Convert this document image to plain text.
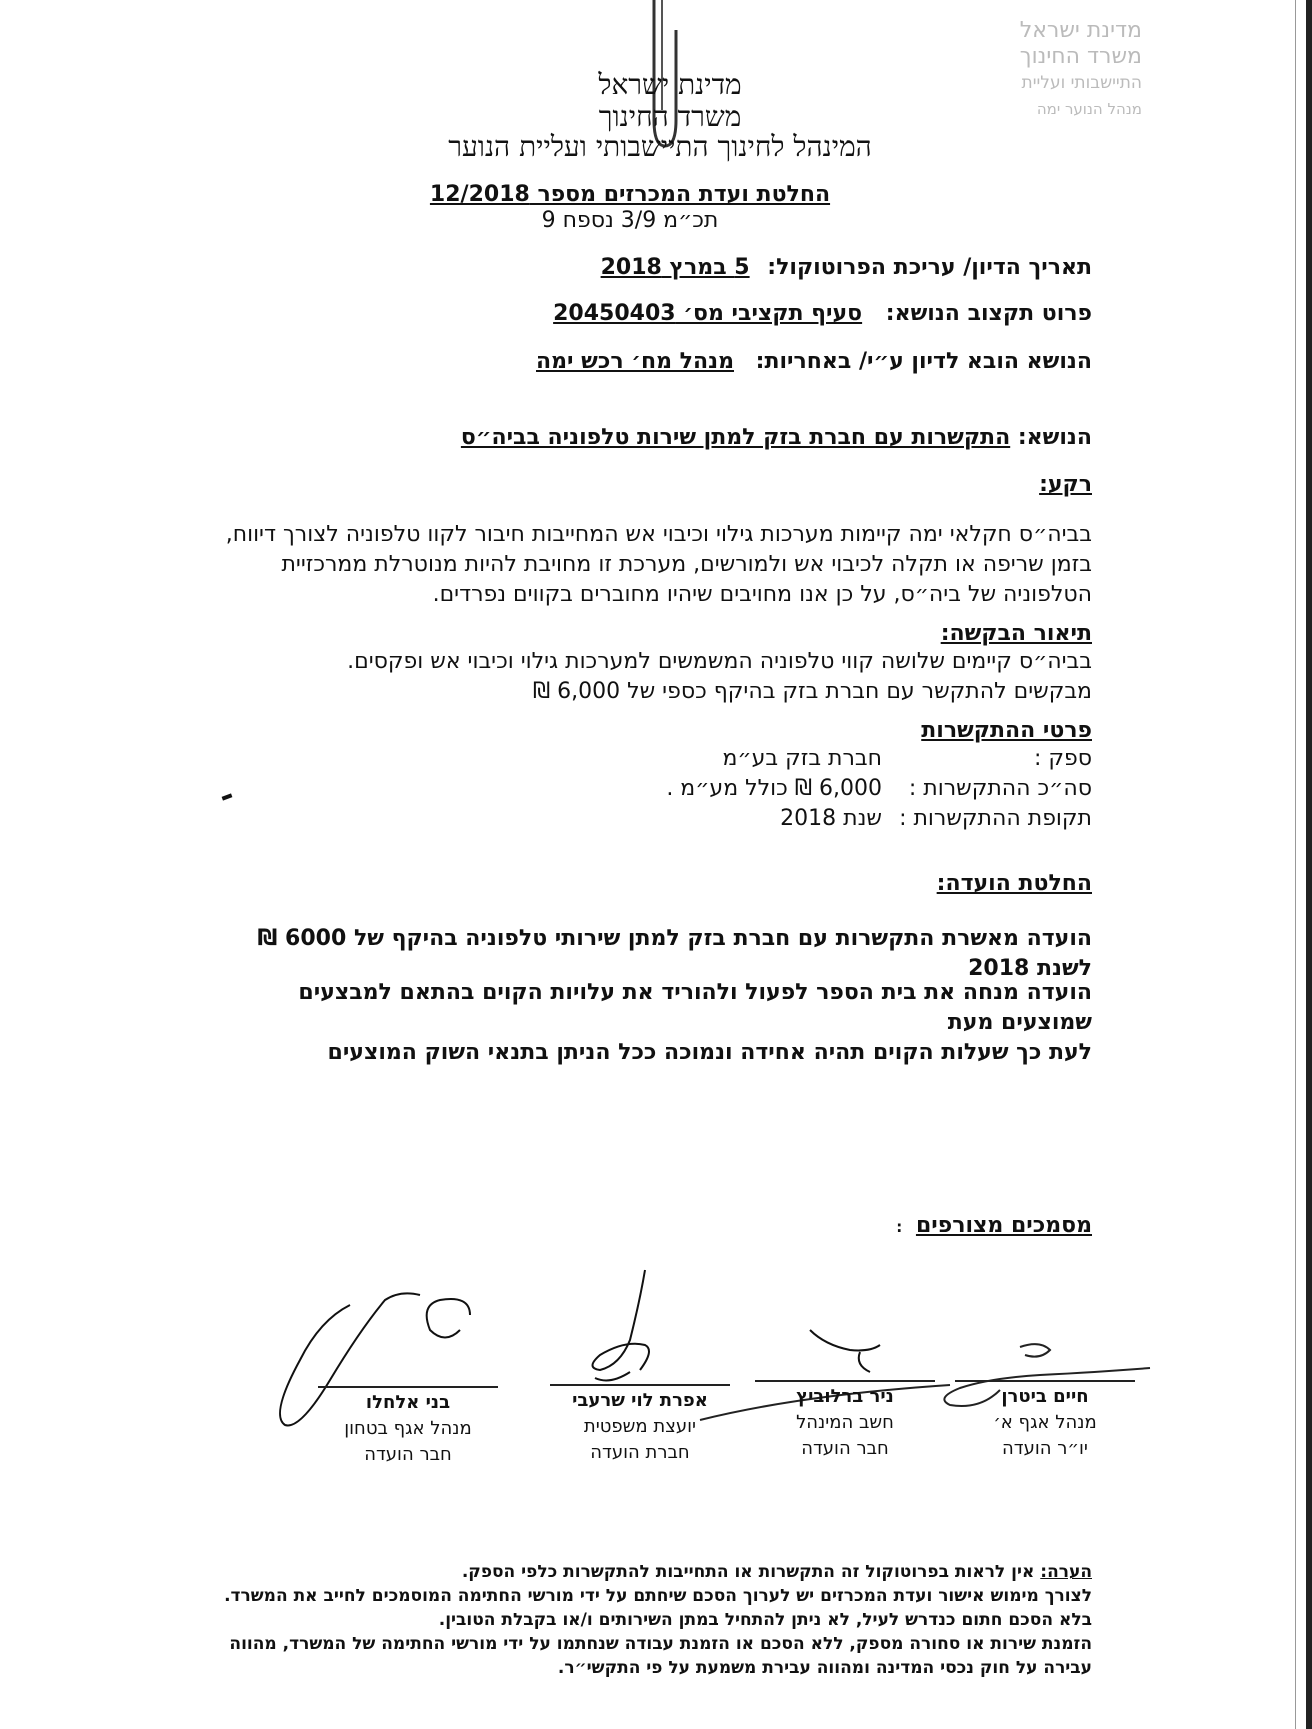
מדינת ישראל
משרד החינוך
התיישבותי ועליית
מנהל הנוער ימה
מדינת ישראל
משרד החינוך
המינהל לחינוך התיישבותי ועליית הנוער
החלטת ועדת המכרזים מספר 12/2018
תכ״מ 3/9 נספח 9
תאריך הדיון/ עריכת הפרוטוקול: 5 במרץ 2018
פרוט תקצוב הנושא: סעיף תקציבי מס׳ 20450403
הנושא הובא לדיון ע״י/ באחריות: מנהל מח׳ רכש ימה
הנושא: התקשרות עם חברת בזק למתן שירות טלפוניה בביה״ס
רקע:
בביה״ס חקלאי ימה קיימות מערכות גילוי וכיבוי אש המחייבות חיבור לקוו טלפוניה לצורך דיווח,
בזמן שריפה או תקלה לכיבוי אש ולמורשים, מערכת זו מחויבת להיות מנוטרלת ממרכזיית
הטלפוניה של ביה״ס, על כן אנו מחויבים שיהיו מחוברים בקווים נפרדים.
תיאור הבקשה:
בביה״ס קיימים שלושה קווי טלפוניה המשמשים למערכות גילוי וכיבוי אש ופקסים.
מבקשים להתקשר עם חברת בזק בהיקף כספי של 6,000 ₪
פרטי ההתקשרות
ספק :חברת בזק בע״מ
סה״כ ההתקשרות :6,000 ₪ כולל מע״מ .
תקופת ההתקשרות :שנת 2018
החלטת הועדה:
הועדה מאשרת התקשרות עם חברת בזק למתן שירותי טלפוניה בהיקף של 6000 ₪ לשנת 2018
הועדה מנחה את בית הספר לפעול ולהוריד את עלויות הקוים בהתאם למבצעים שמוצעים מעת
לעת כך שעלות הקוים תהיה אחידה ונמוכה ככל הניתן בתנאי השוק המוצעים
מסמכים מצורפים :
חיים ביטרן
מנהל אגף א׳
יו״ר הועדה
ניר ברלוביץ
חשב המינהל
חבר הועדה
אפרת לוי שרעבי
יועצת משפטית
חברת הועדה
בני אלחלו
מנהל אגף בטחון
חבר הועדה
הערה: אין לראות בפרוטוקול זה התקשרות או התחייבות להתקשרות כלפי הספק.
לצורך מימוש אישור ועדת המכרזים יש לערוך הסכם שיחתם על ידי מורשי החתימה המוסמכים לחייב את המשרד.
בלא הסכם חתום כנדרש לעיל, לא ניתן להתחיל במתן השירותים ו/או בקבלת הטובין.
הזמנת שירות או סחורה מספק, ללא הסכם או הזמנת עבודה שנחתמו על ידי מורשי החתימה של המשרד, מהווה
עבירה על חוק נכסי המדינה ומהווה עבירת משמעת על פי התקשי״ר.
